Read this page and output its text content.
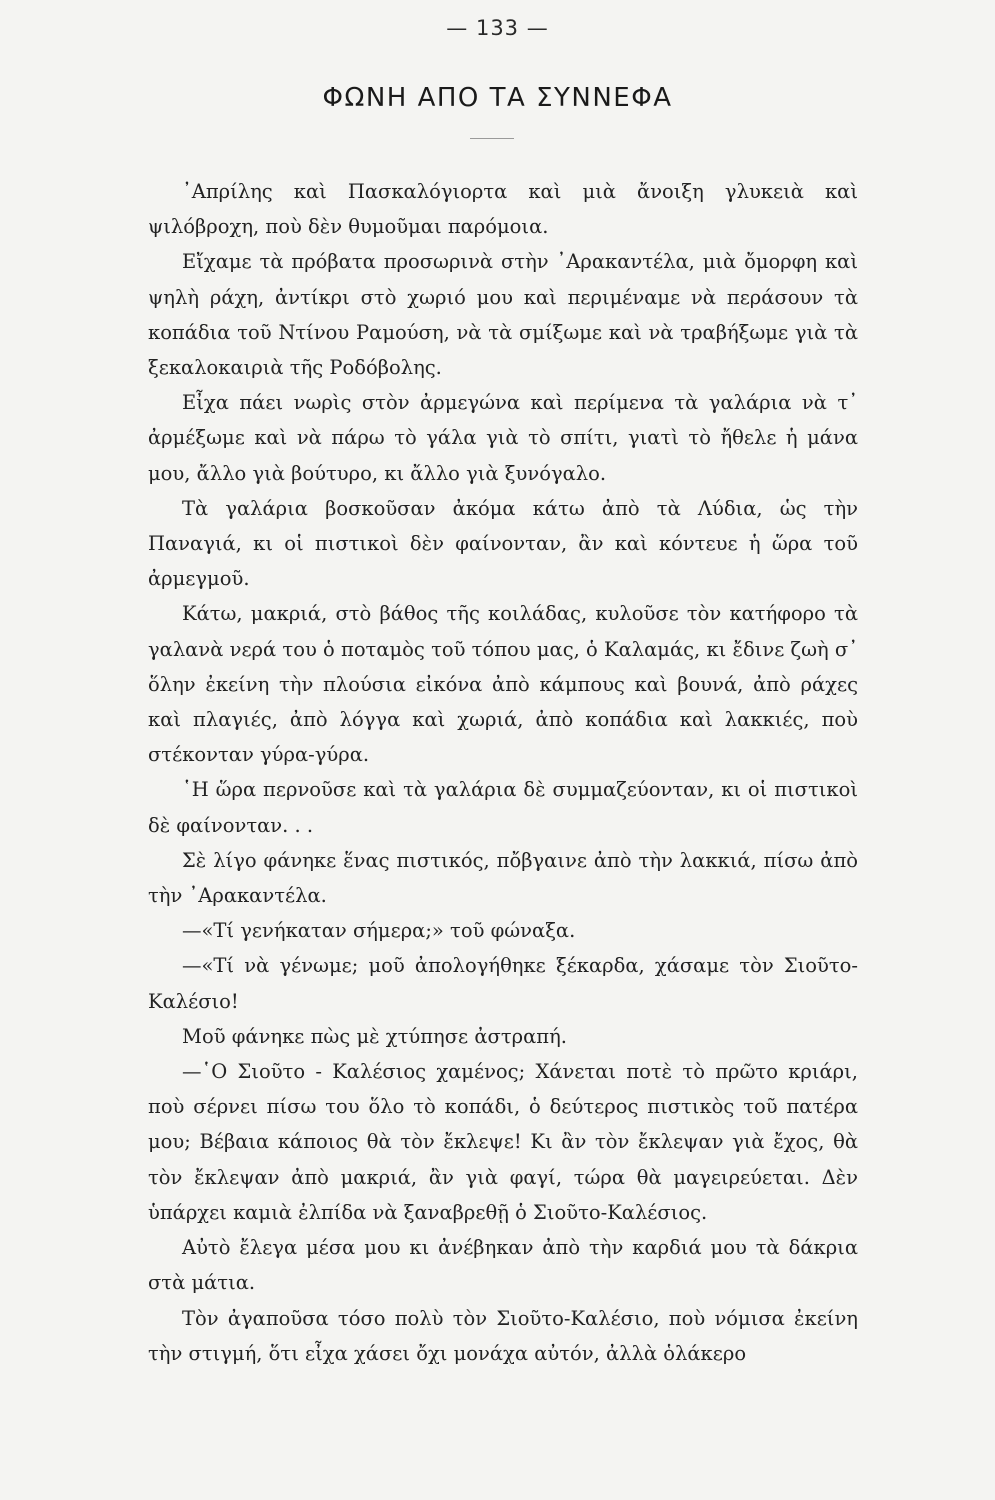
— 133 —
ΦΩΝΗ ΑΠΟ ΤΑ ΣΥΝΝΕΦΑ

᾿Απρίλης καὶ Πασκαλόγιορτα καὶ μιὰ ἄνοιξη γλυκειὰ καὶ ψιλόβροχη, ποὺ δὲν θυμοῦμαι παρόμοια.

Εἴχαμε τὰ πρόβατα προσωρινὰ στὴν ᾿Αρακαντέλα, μιὰ ὄμορφη καὶ ψηλὴ ράχη, ἀντίκρι στὸ χωριό μου καὶ περιμέναμε νὰ περάσουν τὰ κοπάδια τοῦ Ντίνου Ραμούση, νὰ τὰ σμίξωμε καὶ νὰ τραβήξωμε γιὰ τὰ ξεκαλοκαιριὰ τῆς Ροδόβολης.

Εἶχα πάει νωρὶς στὸν ἀρμεγώνα καὶ περίμενα τὰ γαλάρια νὰ τ᾿ ἀρμέξωμε καὶ νὰ πάρω τὸ γάλα γιὰ τὸ σπίτι, γιατὶ τὸ ἤθελε ἡ μάνα μου, ἄλλο γιὰ βούτυρο, κι ἄλλο γιὰ ξυνόγαλο.

Τὰ γαλάρια βοσκοῦσαν ἀκόμα κάτω ἀπὸ τὰ Λύδια, ὡς τὴν Παναγιά, κι οἱ πιστικοὶ δὲν φαίνονταν, ἂν καὶ κόντευε ἡ ὥρα τοῦ ἀρμεγμοῦ.

Κάτω, μακριά, στὸ βάθος τῆς κοιλάδας, κυλοῦσε τὸν κατήφορο τὰ γαλανὰ νερά του ὁ ποταμὸς τοῦ τόπου μας, ὁ Καλαμάς, κι ἔδινε ζωὴ σ᾿ ὅλην ἐκείνη τὴν πλούσια εἰκόνα ἀπὸ κάμπους καὶ βουνά, ἀπὸ ράχες καὶ πλαγιές, ἀπὸ λόγγα καὶ χωριά, ἀπὸ κοπάδια καὶ λακκιές, ποὺ στέκονταν γύρα-γύρα.

῾Η ὥρα περνοῦσε καὶ τὰ γαλάρια δὲ συμμαζεύονταν, κι οἱ πιστικοὶ δὲ φαίνονταν. . .

Σὲ λίγο φάνηκε ἕνας πιστικός, πὄβγαινε ἀπὸ τὴν λακκιά, πίσω ἀπὸ τὴν ᾿Αρακαντέλα.

—«Τί γενήκαταν σήμερα;» τοῦ φώναξα.

—«Τί νὰ γένωμε; μοῦ ἀπολογήθηκε ξέκαρδα, χάσαμε τὸν Σιοῦτο-Καλέσιο!

Μοῦ φάνηκε πὼς μὲ χτύπησε ἀστραπή.

—῾Ο Σιοῦτο - Καλέσιος χαμένος; Χάνεται ποτὲ τὸ πρῶτο κριάρι, ποὺ σέρνει πίσω του ὅλο τὸ κοπάδι, ὁ δεύτερος πιστικὸς τοῦ πατέρα μου; Βέβαια κάποιος θὰ τὸν ἔκλεψε! Κι ἂν τὸν ἔκλεψαν γιὰ ἔχος, θὰ τὸν ἔκλεψαν ἀπὸ μακριά, ἂν γιὰ φαγί, τώρα θὰ μαγειρεύεται. Δὲν ὑπάρχει καμιὰ ἐλπίδα νὰ ξαναβρεθῇ ὁ Σιοῦτο-Καλέσιος.

Αὐτὸ ἔλεγα μέσα μου κι ἀνέβηκαν ἀπὸ τὴν καρδιά μου τὰ δάκρια στὰ μάτια.

Τὸν ἀγαποῦσα τόσο πολὺ τὸν Σιοῦτο-Καλέσιο, ποὺ νόμισα ἐκείνη τὴν στιγμή, ὅτι εἶχα χάσει ὄχι μονάχα αὐτόν, ἀλλὰ ὁλάκερο
